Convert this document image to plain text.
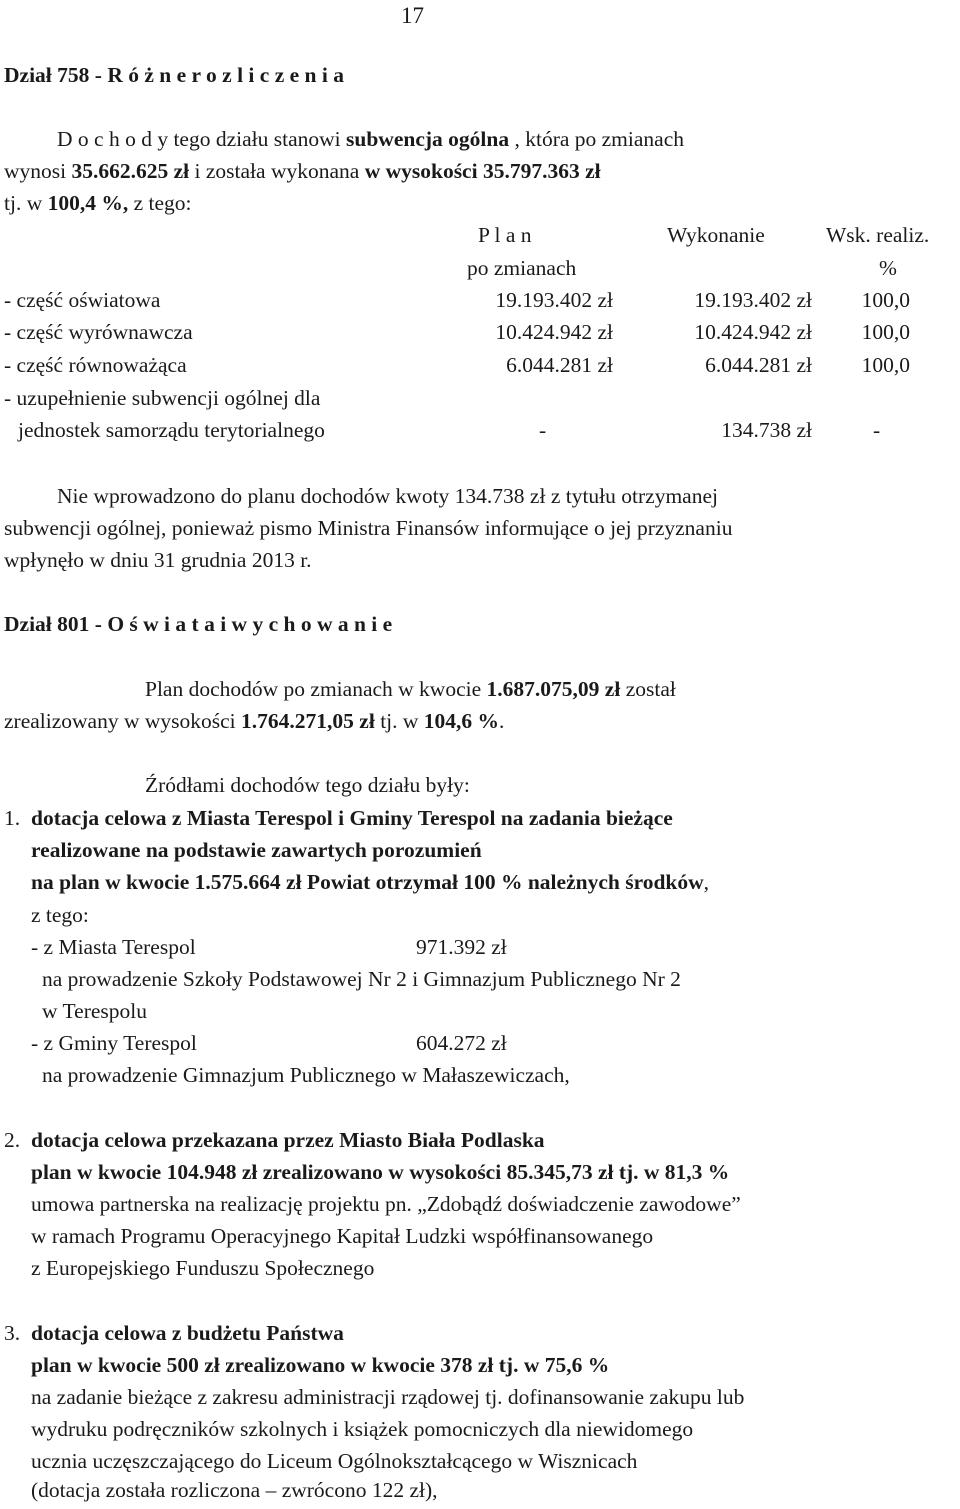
17
Dział 758 - R ó ż n e r o z l i c z e n i a
D o c h o d y tego działu stanowi subwencja ogólna , która po zmianach
wynosi 35.662.625 zł i została wykonana w wysokości 35.797.363 zł
tj. w 100,4 %, z tego:
P l a n	Wykonanie	Wsk. realiz.
po zmianach	%
- część oświatowa	19.193.402 zł	19.193.402 zł 100,0
- część wyrównawcza	10.424.942 zł	10.424.942 zł 100,0
- część równoważąca	6.044.281 zł	6.044.281 zł 100,0
- uzupełnienie subwencji ogólnej dla
jednostek samorządu terytorialnego	-	134.738 zł	-
Nie wprowadzono do planu dochodów kwoty 134.738 zł z tytułu otrzymanej
subwencji ogólnej, ponieważ pismo Ministra Finansów informujące o jej przyznaniu
wpłynęło w dniu 31 grudnia 2013 r.
Dział 801 - O ś w i a t a i w y c h o w a n i e
Plan dochodów po zmianach w kwocie 1.687.075,09 zł został
zrealizowany w wysokości 1.764.271,05 zł tj. w 104,6 %.
Źródłami dochodów tego działu były:
1. dotacja celowa z Miasta Terespol i Gminy Terespol na zadania bieżące
realizowane na podstawie zawartych porozumień
na plan w kwocie 1.575.664 zł Powiat otrzymał 100 % należnych środków,
z tego:
- z Miasta Terespol	971.392 zł
na prowadzenie Szkoły Podstawowej Nr 2 i Gimnazjum Publicznego Nr 2
w Terespolu
- z Gminy Terespol	604.272 zł
na prowadzenie Gimnazjum Publicznego w Małaszewiczach,
2. dotacja celowa przekazana przez Miasto Biała Podlaska
plan w kwocie 104.948 zł zrealizowano w wysokości 85.345,73 zł tj. w 81,3 %
umowa partnerska na realizację projektu pn. „Zdobądź doświadczenie zawodowe”
w ramach Programu Operacyjnego Kapitał Ludzki współfinansowanego
z Europejskiego Funduszu Społecznego
3. dotacja celowa z budżetu Państwa
plan w kwocie 500 zł zrealizowano w kwocie 378 zł tj. w 75,6 %
na zadanie bieżące z zakresu administracji rządowej tj. dofinansowanie zakupu lub
wydruku podręczników szkolnych i książek pomocniczych dla niewidomego
ucznia uczęszczającego do Liceum Ogólnokształcącego w Wisznicach
(dotacja została rozliczona – zwrócono 122 zł),
